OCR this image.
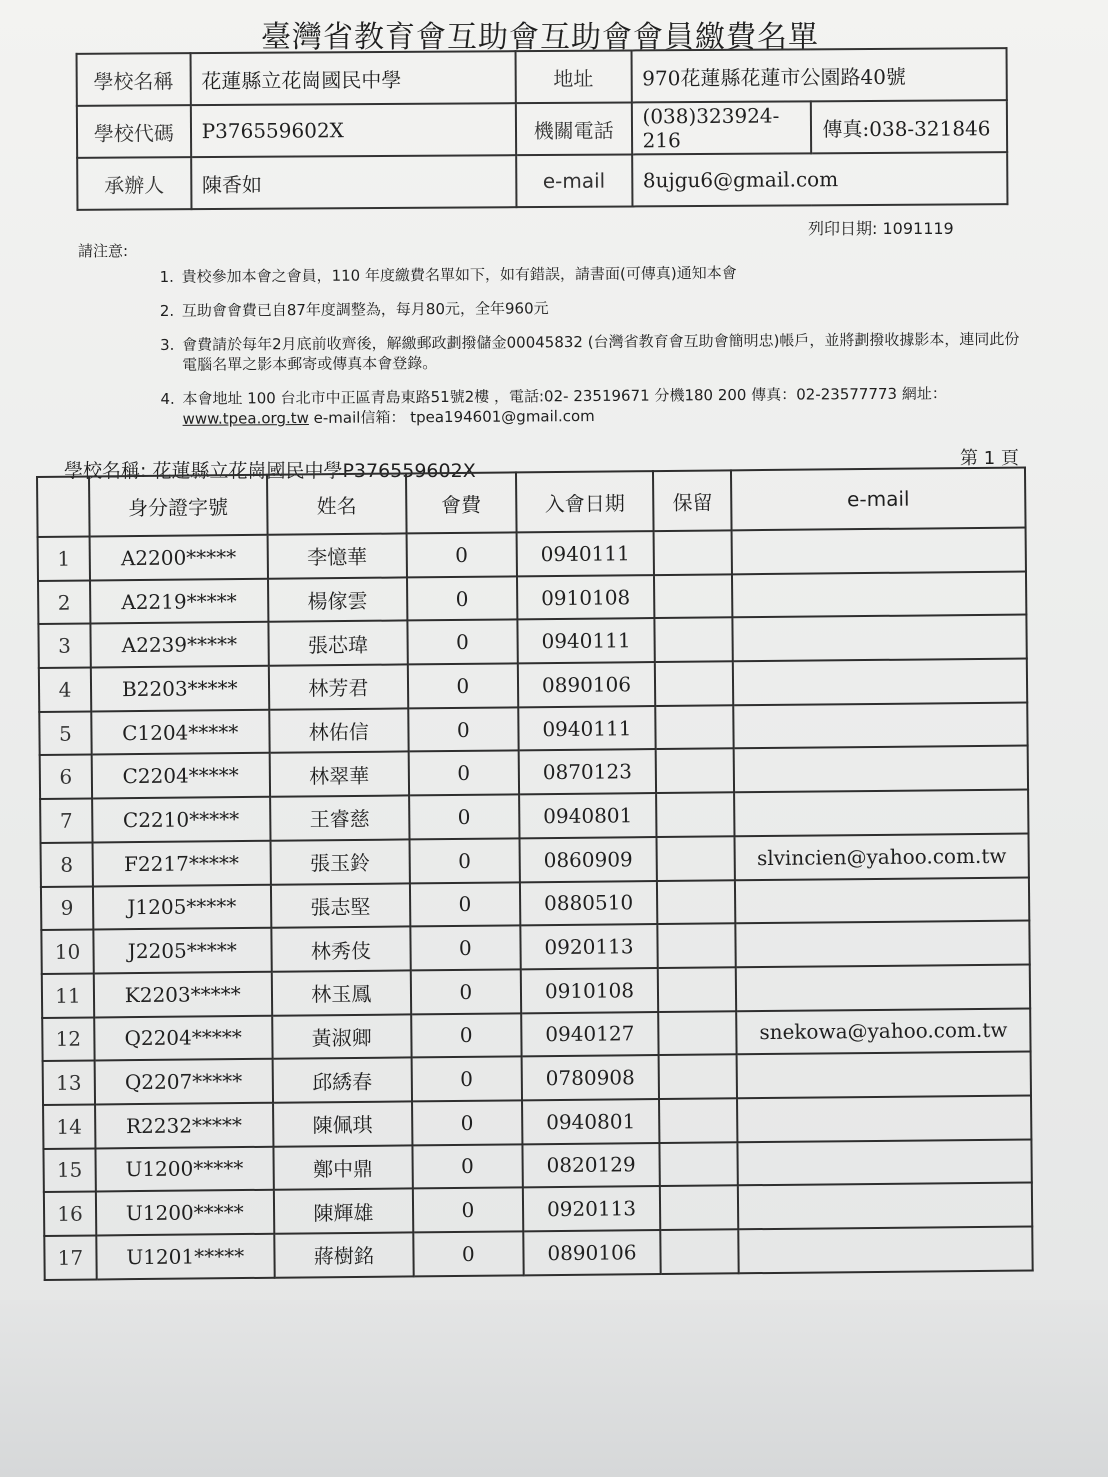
臺灣省教育會互助會互助會會員繳費名單
學校名稱	花蓮縣立花崗國民中學	地址	970花蓮縣花蓮市公園路40號	
學校代碼	P376559602X	機關電話	(038)323924-216	傳真:038-321846
承辦人	陳香如	e-mail	8ujgu6@gmail.com	
列印日期: 1091119
請注意:
1. 貴校參加本會之會員，110 年度繳費名單如下，如有錯誤，請書面(可傳真)通知本會
2. 互助會會費已自87年度調整為，每月80元，全年960元
3. 會費請於每年2月底前收齊後，解繳郵政劃撥儲金00045832 (台灣省教育會互助會簡明忠)帳戶，並將劃撥收據影本，連同此份電腦名單之影本郵寄或傳真本會登錄。
4. 本會地址 100 台北市中正區青島東路51號2樓 ，電話:02- 23519671 分機180 200 傳真：02-23577773 網址：
www.tpea.org.tw e-mail信箱： tpea194601@gmail.com
第 1 頁
學校名稱: 花蓮縣立花崗國民中學P376559602X
	身分證字號	姓名	會費	入會日期	保留	e-mail
1	A2200*****	李憶華	0	0940111		
2	A2219*****	楊傢雲	0	0910108		
3	A2239*****	張芯瑋	0	0940111		
4	B2203*****	林芳君	0	0890106		
5	C1204*****	林佑信	0	0940111		
6	C2204*****	林翠華	0	0870123		
7	C2210*****	王睿慈	0	0940801		
8	F2217*****	張玉鈴	0	0860909		slvincien@yahoo.com.tw
9	J1205*****	張志堅	0	0880510		
10	J2205*****	林秀伎	0	0920113		
11	K2203*****	林玉鳳	0	0910108		
12	Q2204*****	黃淑卿	0	0940127		snekowa@yahoo.com.tw
13	Q2207*****	邱綉春	0	0780908		
14	R2232*****	陳佩琪	0	0940801		
15	U1200*****	鄭中鼎	0	0820129		
16	U1200*****	陳輝雄	0	0920113		
17	U1201*****	蔣樹銘	0	0890106		
